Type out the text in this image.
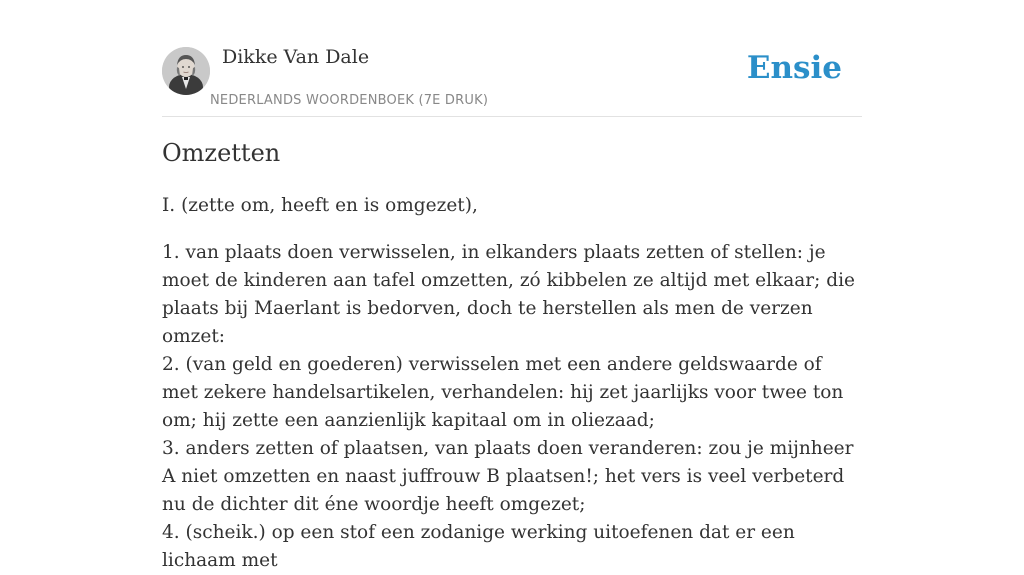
Dikke Van Dale
NEDERLANDS WOORDENBOEK (7E DRUK)
Ensie
Omzetten

I. (zette om, heeft en is omgezet),

1. van plaats doen verwisselen, in elkanders plaats zetten of stellen: je moet de kinderen aan tafel omzetten, zó kibbelen ze altijd met elkaar; die plaats bij Maerlant is bedorven, doch te herstellen als men de verzen omzet:

2. (van geld en goederen) verwisselen met een andere geldswaarde of met zekere handelsartikelen, verhandelen: hij zet jaarlijks voor twee ton om; hij zette een aanzienlijk kapitaal om in oliezaad;

3. anders zetten of plaatsen, van plaats doen veranderen: zou je mijnheer A niet omzetten en naast juffrouw B plaatsen!; het vers is veel verbeterd nu de dichter dit éne woordje heeft omgezet;

4. (scheik.) op een stof een zodanige werking uitoefenen dat er een lichaam met
